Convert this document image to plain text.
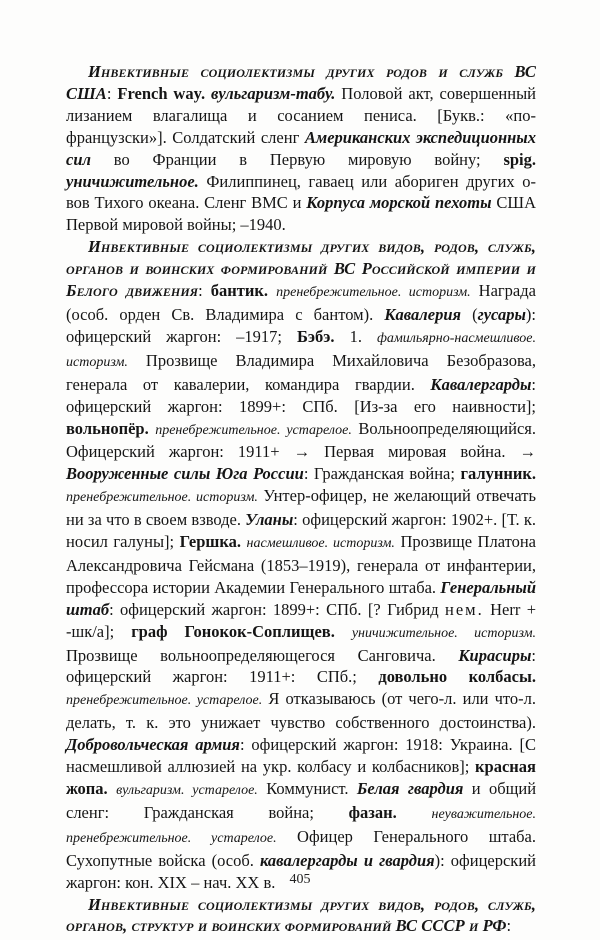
Инвективные социолектизмы других родов и служб ВС США: French way. вульгаризм-табу. Половой акт, совершенный лизанием влагалища и сосанием пениса. [Букв.: «по-французски»]. Солдатский сленг Американских экспедиционных сил во Франции в Первую мировую войну; spig. уничижительное. Филиппинец, гаваец или абориген других о-вов Тихого океана. Сленг ВМС и Корпуса морской пехоты США Первой мировой войны; –1940.

Инвективные социолектизмы других видов, родов, служб, органов и воинских формирований ВС Российской империи и Белого движения: бантик. пренебрежительное. историзм. Награда (особ. орден Св. Владимира с бантом). Кавалерия (гусары): офицерский жаргон: –1917; Бэбэ. 1. фамильярно-насмешливое. историзм. Прозвище Владимира Михайловича Безобразова, генерала от кавалерии, командира гвардии. Кавалергарды: офицерский жаргон: 1899+: СПб. [Из-за его наивности]; вольнопёр. пренебрежительное. устарелое. Вольноопределяющийся. Офицерский жаргон: 1911+ → Первая мировая война. → Вооруженные силы Юга России: Гражданская война; галунник. пренебрежительное. историзм. Унтер-офицер, не желающий отвечать ни за что в своем взводе. Уланы: офицерский жаргон: 1902+. [Т. к. носил галуны]; Гершка. насмешливое. историзм. Прозвище Платона Александровича Гейсмана (1853–1919), генерала от инфантерии, профессора истории Академии Генерального штаба. Генеральный штаб: офицерский жаргон: 1899+: СПб. [? Гибрид нем. Herr + -шк/а]; граф Гонокок-Соплищев. уничижительное. историзм. Прозвище вольноопределяющегося Санговича. Кирасиры: офицерский жаргон: 1911+: СПб.; довольно колбасы. пренебрежительное. устарелое. Я отказываюсь (от чего-л. или что-л. делать, т. к. это унижает чувство собственного достоинства). Добровольческая армия: офицерский жаргон: 1918: Украина. [С насмешливой аллюзией на укр. колбасу и колбасников]; красная жопа. вульгаризм. устарелое. Коммунист. Белая гвардия и общий сленг: Гражданская война; фазан. неуважительное. пренебрежительное. устарелое. Офицер Генерального штаба. Сухопутные войска (особ. кавалергарды и гвардия): офицерский жаргон: кон. XIX – нач. XX в.

Инвективные социолектизмы других видов, родов, служб, органов, структур и воинских формирований ВС СССР и РФ:

405
